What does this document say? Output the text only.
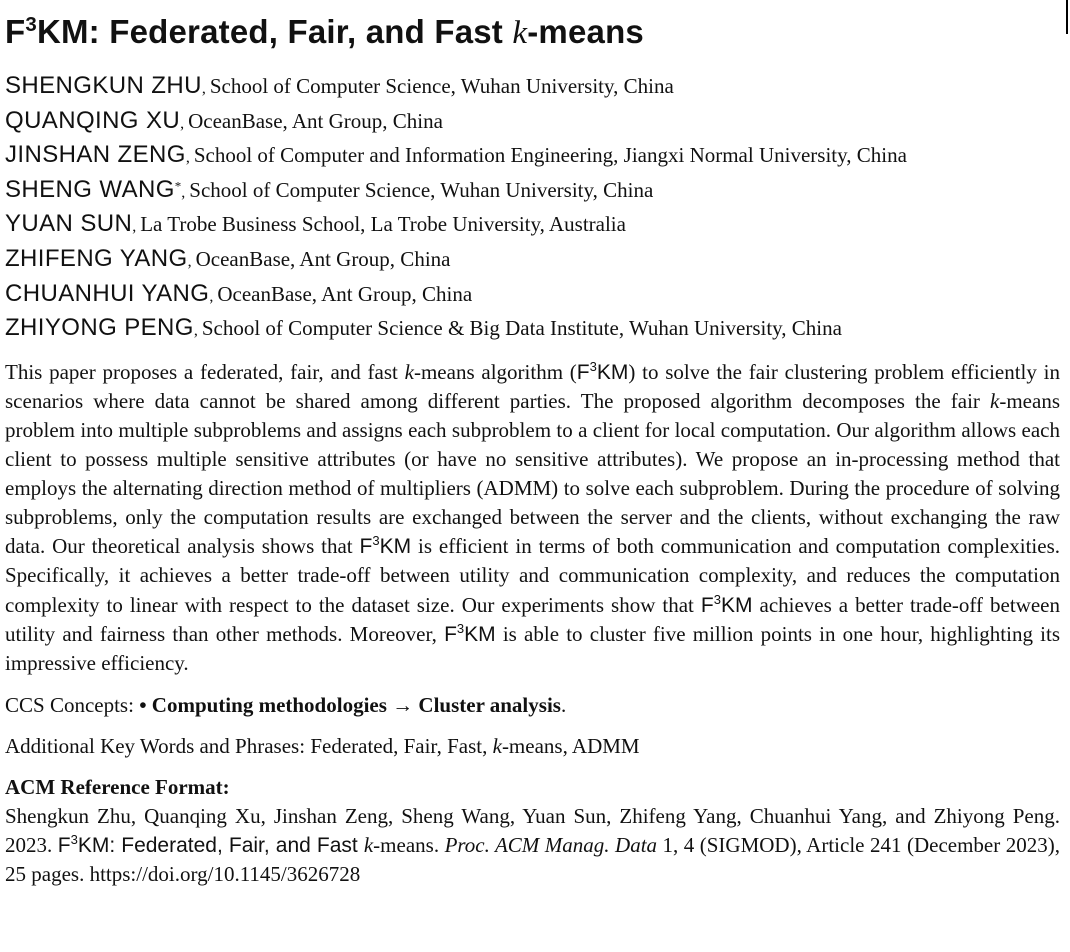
$F^3KM$: Federated, Fair, and Fast k-means
SHENGKUN ZHU, School of Computer Science, Wuhan University, China
QUANQING XU, OceanBase, Ant Group, China
JINSHAN ZENG, School of Computer and Information Engineering, Jiangxi Normal University, China
SHENG WANG*, School of Computer Science, Wuhan University, China
YUAN SUN, La Trobe Business School, La Trobe University, Australia
ZHIFENG YANG, OceanBase, Ant Group, China
CHUANHUI YANG, OceanBase, Ant Group, China
ZHIYONG PENG, School of Computer Science & Big Data Institute, Wuhan University, China
This paper proposes a federated, fair, and fast k-means algorithm $(F^3KM)$ to solve the fair clustering problem efficiently in scenarios where data cannot be shared among different parties. The proposed algorithm decomposes the fair k-means problem into multiple subproblems and assigns each subproblem to a client for local computation. Our algorithm allows each client to possess multiple sensitive attributes (or have no sensitive attributes). We propose an in-processing method that employs the alternating direction method of multipliers (ADMM) to solve each subproblem. During the procedure of solving subproblems, only the computation results are exchanged between the server and the clients, without exchanging the raw data. Our theoretical analysis shows that $F^3KM$ is efficient in terms of both communication and computation complexities. Specifically, it achieves a better trade-off between utility and communication complexity, and reduces the computation complexity to linear with respect to the dataset size. Our experiments show that $F^3KM$ achieves a better trade-off between utility and fairness than other methods. Moreover, $F^3KM$ is able to cluster five million points in one hour, highlighting its impressive efficiency.
CCS Concepts: • Computing methodologies → Cluster analysis.
Additional Key Words and Phrases: Federated, Fair, Fast, k-means, ADMM
ACM Reference Format:
Shengkun Zhu, Quanqing Xu, Jinshan Zeng, Sheng Wang, Yuan Sun, Zhifeng Yang, Chuanhui Yang, and Zhiyong Peng. 2023. $F^3KM$: Federated, Fair, and Fast k-means. Proc. ACM Manag. Data 1, 4 (SIGMOD), Article 241 (December 2023), 25 pages. https://doi.org/10.1145/3626728
